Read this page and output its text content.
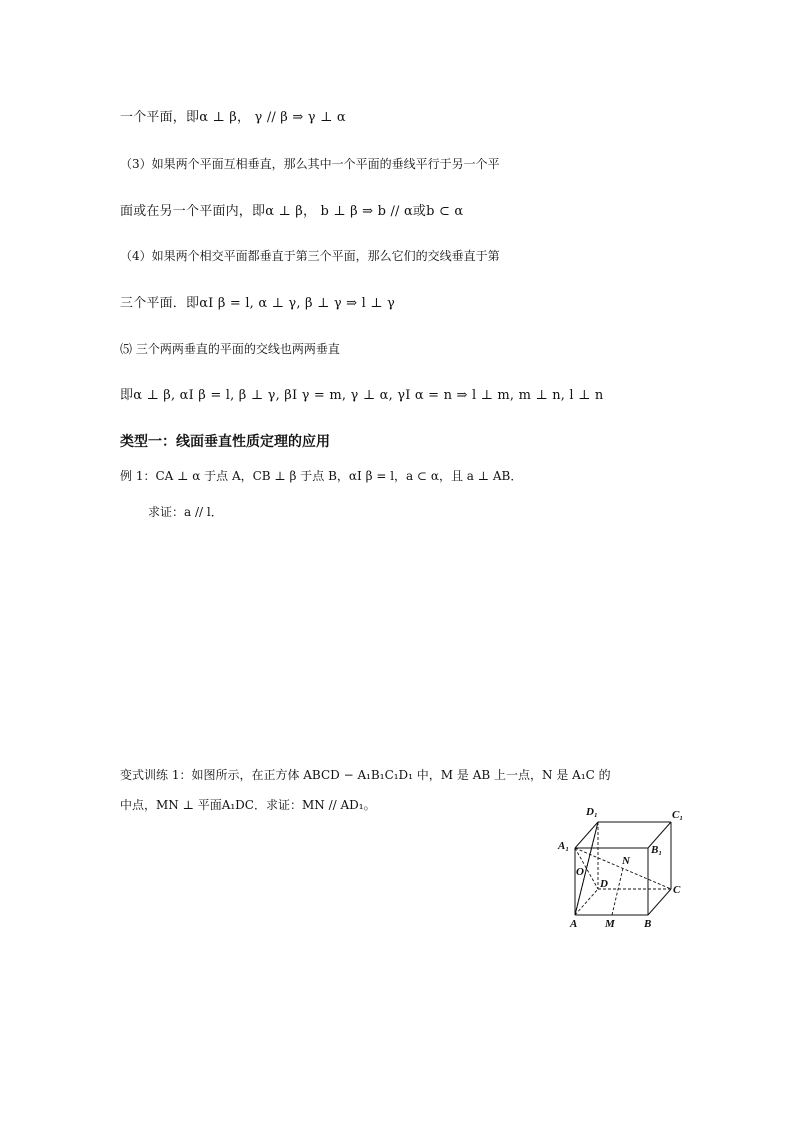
一个平面，即α ⊥ β， γ // β ⇒ γ ⊥ α
（3）如果两个平面互相垂直，那么其中一个平面的垂线平行于另一个平
面或在另一个平面内，即α ⊥ β， b ⊥ β ⇒ b // α或b ⊂ α
（4）如果两个相交平面都垂直于第三个平面，那么它们的交线垂直于第
三个平面．即αI β = l, α ⊥ γ, β ⊥ γ ⇒ l ⊥ γ
⑸ 三个两两垂直的平面的交线也两两垂直
即α ⊥ β, αI β = l, β ⊥ γ, βI γ = m, γ ⊥ α, γI α = n ⇒ l ⊥ m, m ⊥ n, l ⊥ n
类型一：线面垂直性质定理的应用
例 1：CA ⊥ α 于点 A，CB ⊥ β 于点 B，αI β = l，a ⊂ α，且 a ⊥ AB．
求证：a // l．
变式训练 1：如图所示，在正方体 ABCD − A₁B₁C₁D₁ 中，M 是 AB 上一点，N 是 A₁C 的
中点，MN ⊥ 平面A₁DC．求证：MN // AD₁。	D₁	C₁
A₁	B₁
O
N
D	C
A	M	B
